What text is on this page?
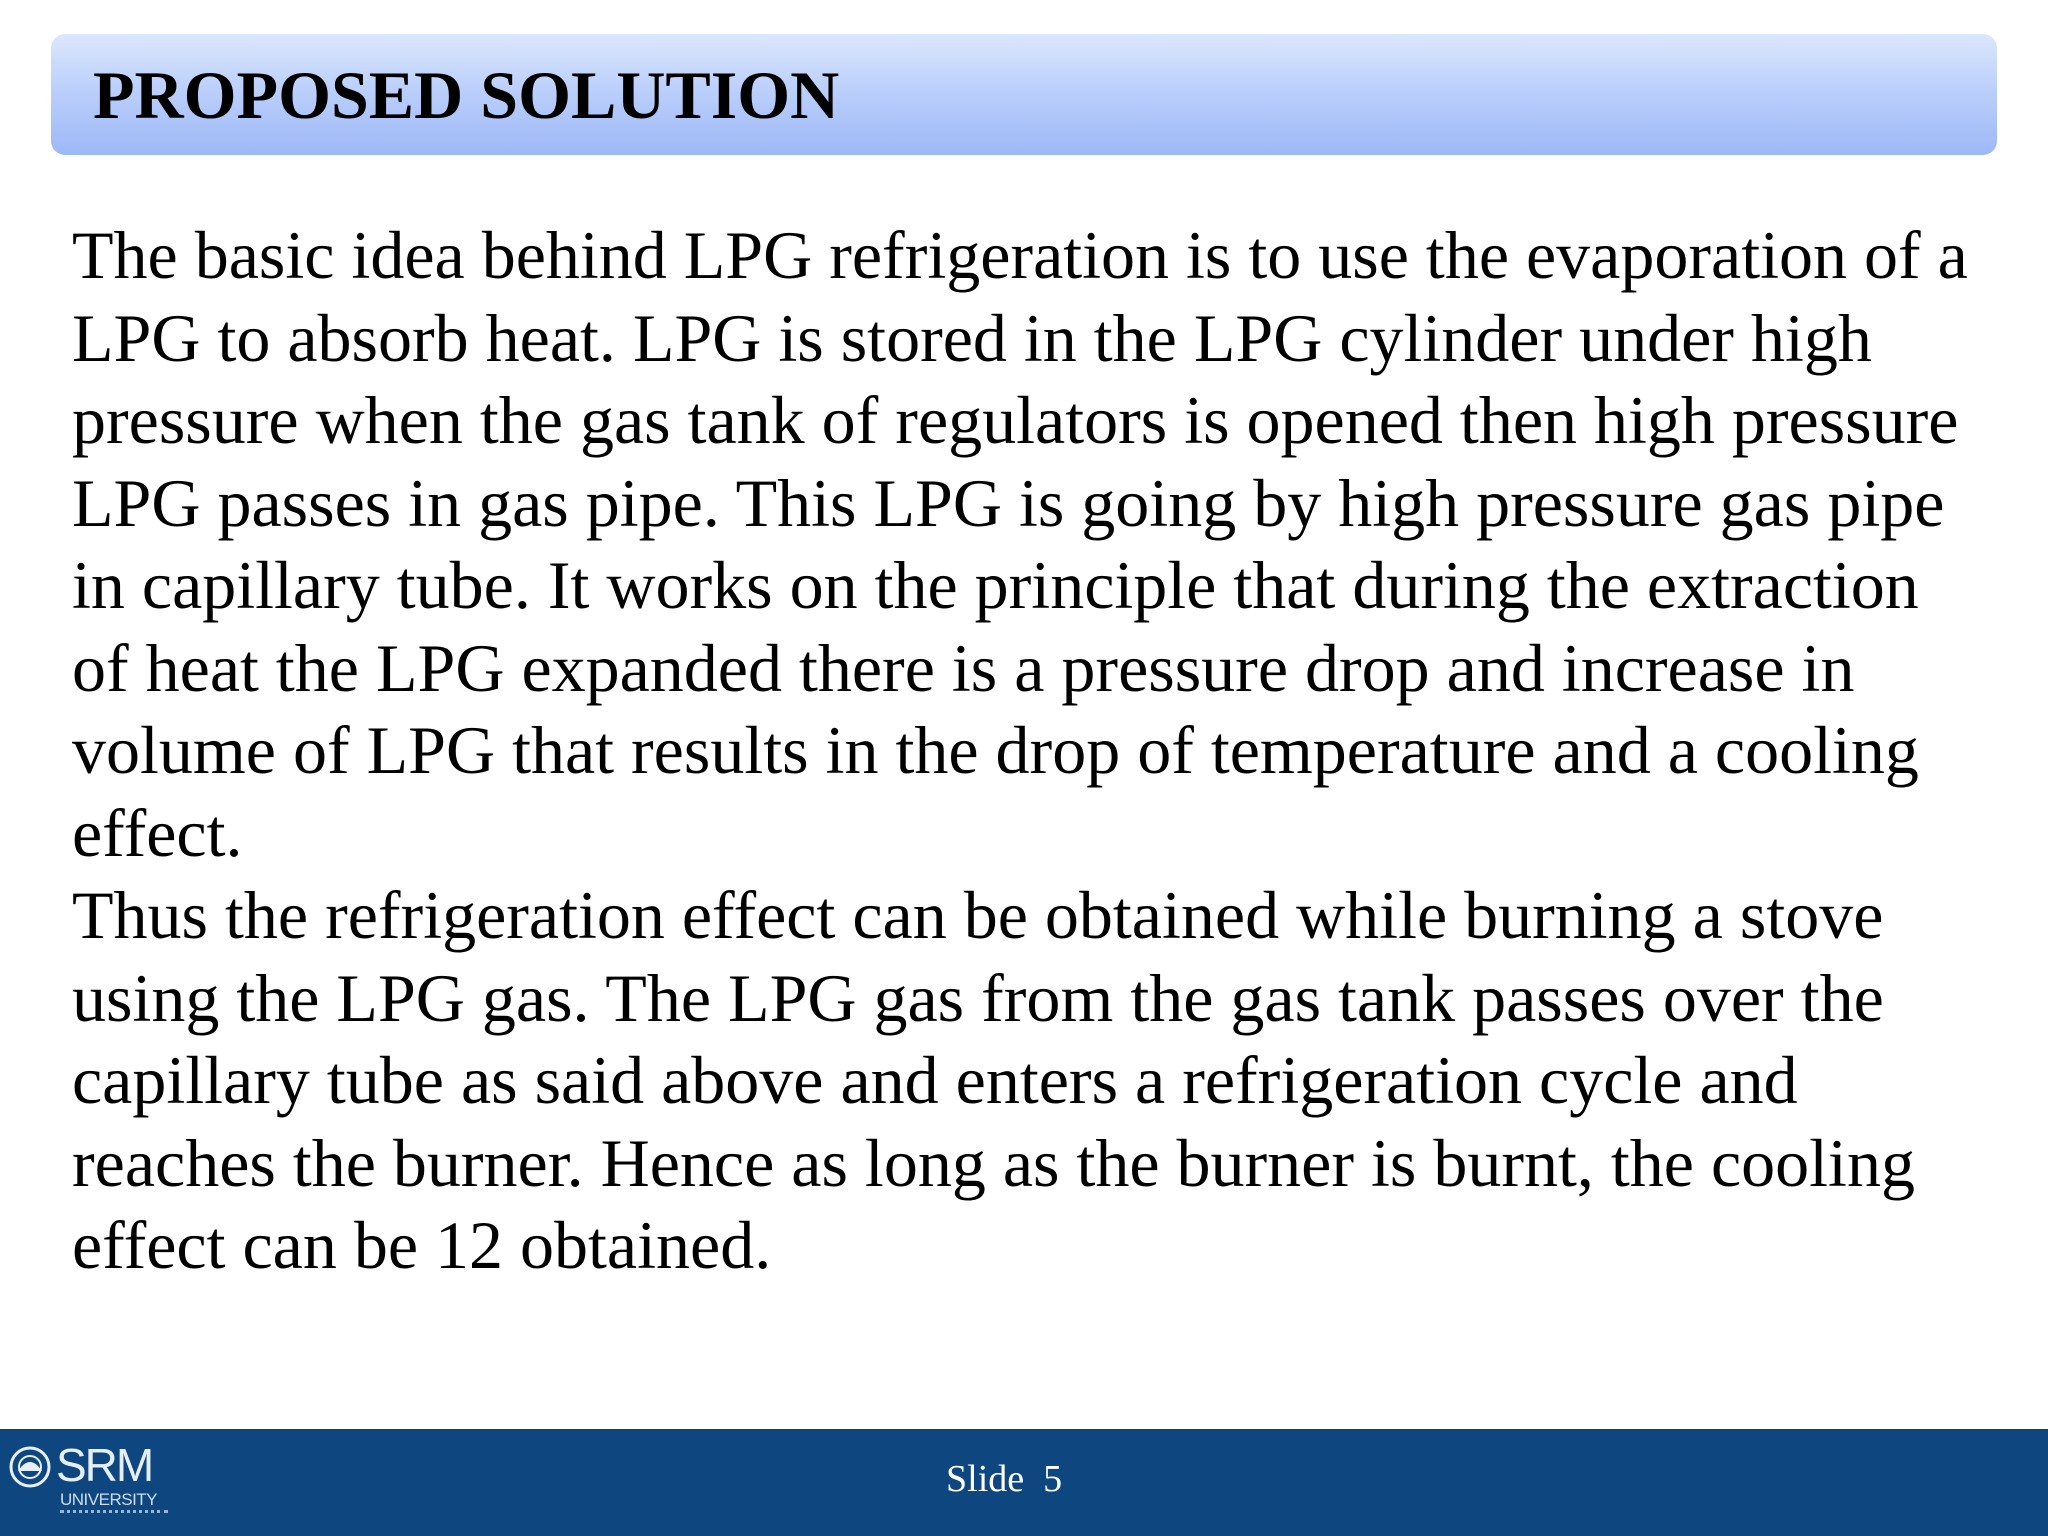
PROPOSED SOLUTION

The basic idea behind LPG refrigeration is to use the evaporation of a LPG to absorb heat. LPG is stored in the LPG cylinder under high pressure when the gas tank of regulators is opened then high pressure LPG passes in gas pipe. This LPG is going by high pressure gas pipe in capillary tube. It works on the principle that during the extraction of heat the LPG expanded there is a pressure drop and increase in volume of LPG that results in the drop of temperature and a cooling effect.

Thus the refrigeration effect can be obtained while burning a stove using the LPG gas. The LPG gas from the gas tank passes over the capillary tube as said above and enters a refrigeration cycle and reaches the burner. Hence as long as the burner is burnt, the cooling effect can be 12 obtained.

SRM
UNIVERSITY	Slide  5
